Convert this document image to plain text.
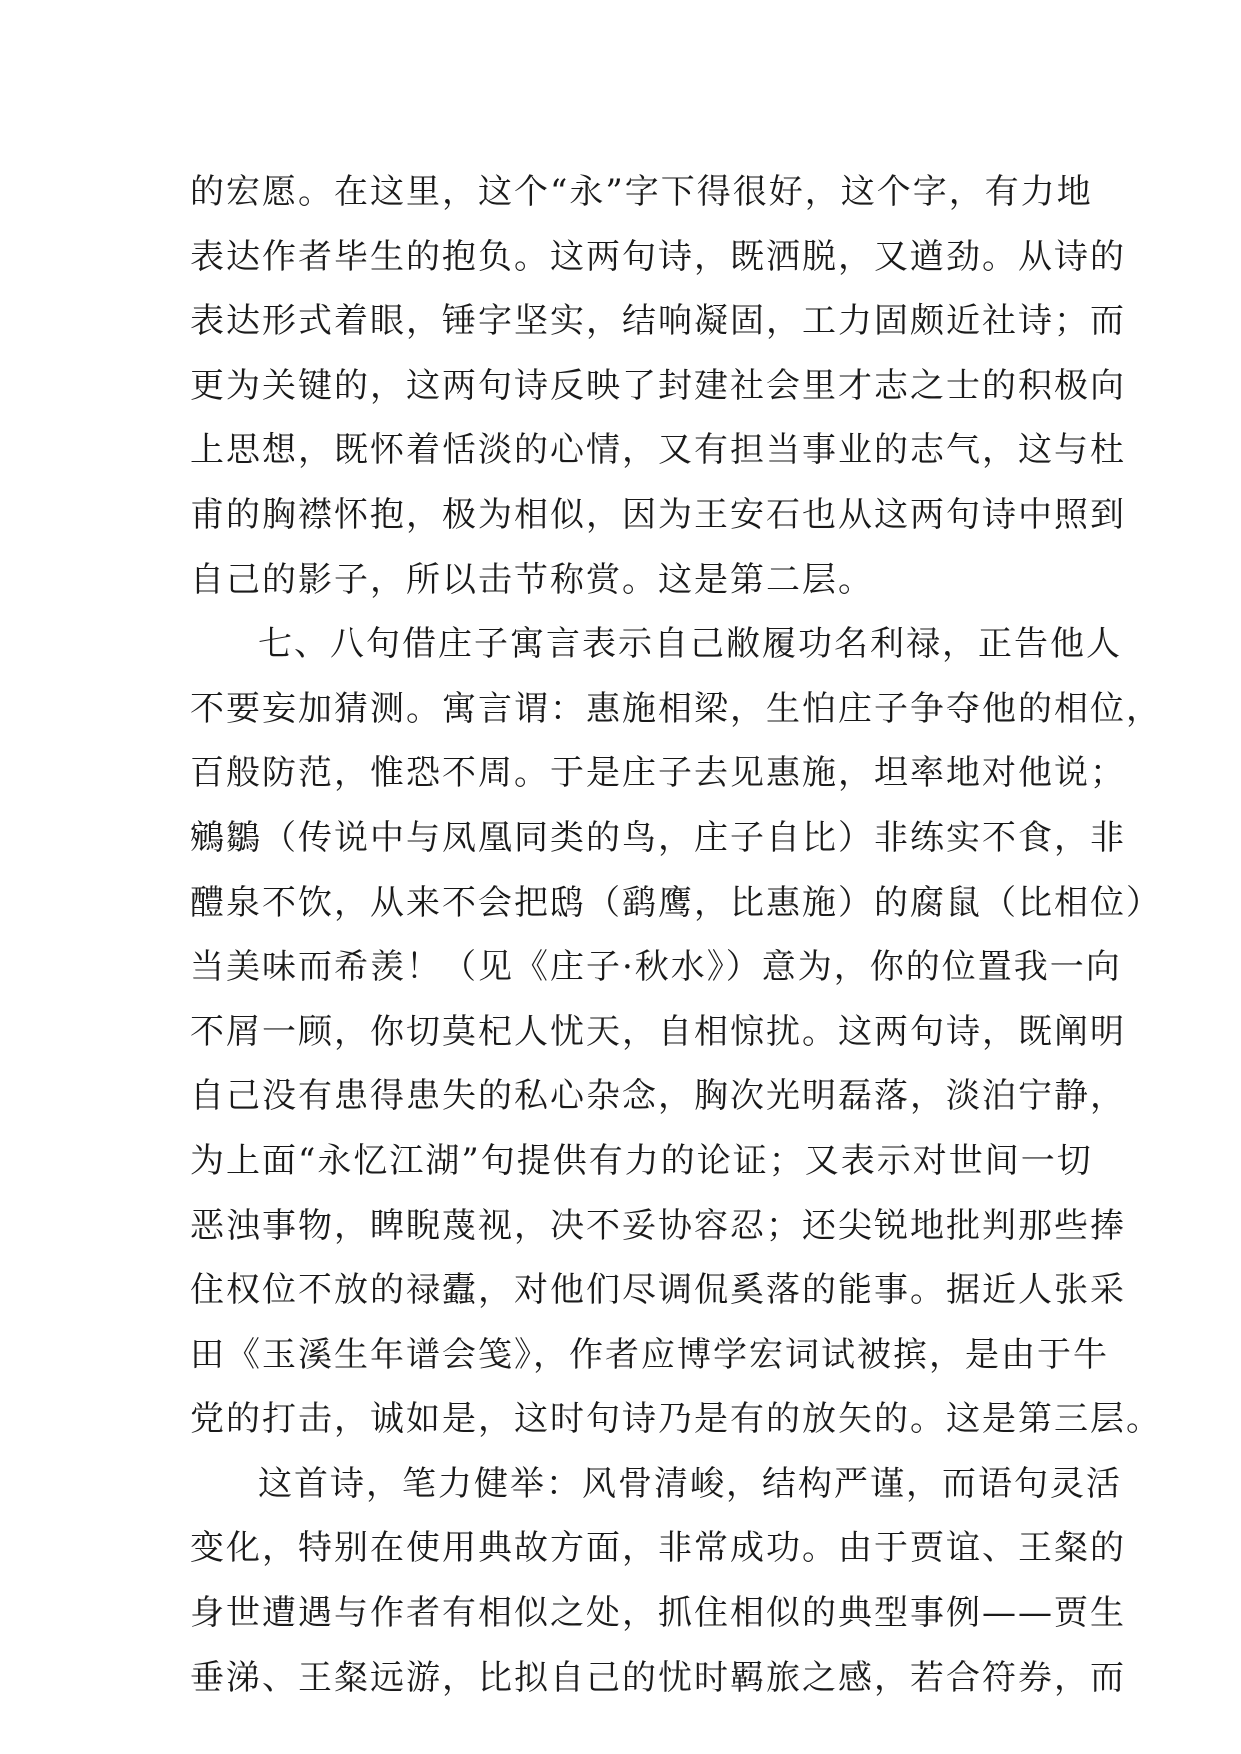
的宏愿。在这里，这个“永”字下得很好，这个字，有力地
表达作者毕生的抱负。这两句诗，既洒脱，又遒劲。从诗的
表达形式着眼，锤字坚实，结响凝固，工力固颇近社诗；而
更为关键的，这两句诗反映了封建社会里才志之士的积极向
上思想，既怀着恬淡的心情，又有担当事业的志气，这与杜
甫的胸襟怀抱，极为相似，因为王安石也从这两句诗中照到
自己的影子，所以击节称赏。这是第二层。
七、八句借庄子寓言表示自己敝履功名利禄，正告他人
不要妄加猜测。寓言谓：惠施相梁，生怕庄子争夺他的相位，
百般防范，惟恐不周。于是庄子去见惠施，坦率地对他说；
鵷鶵（传说中与凤凰同类的鸟，庄子自比）非练实不食，非
醴泉不饮，从来不会把鸱（鹞鹰，比惠施）的腐鼠（比相位）
当美味而希羡！（见《庄子·秋水》）意为，你的位置我一向
不屑一顾，你切莫杞人忧天，自相惊扰。这两句诗，既阐明
自己没有患得患失的私心杂念，胸次光明磊落，淡泊宁静，
为上面“永忆江湖”句提供有力的论证；又表示对世间一切
恶浊事物，睥睨蔑视，决不妥协容忍；还尖锐地批判那些捧
住权位不放的禄蠹，对他们尽调侃奚落的能事。据近人张采
田《玉溪生年谱会笺》，作者应博学宏词试被摈，是由于牛
党的打击，诚如是，这时句诗乃是有的放矢的。这是第三层。
这首诗，笔力健举：风骨清峻，结构严谨，而语句灵活
变化，特别在使用典故方面，非常成功。由于贾谊、王粲的
身世遭遇与作者有相似之处，抓住相似的典型事例——贾生
垂涕、王粲远游，比拟自己的忧时羁旅之感，若合符券，而
